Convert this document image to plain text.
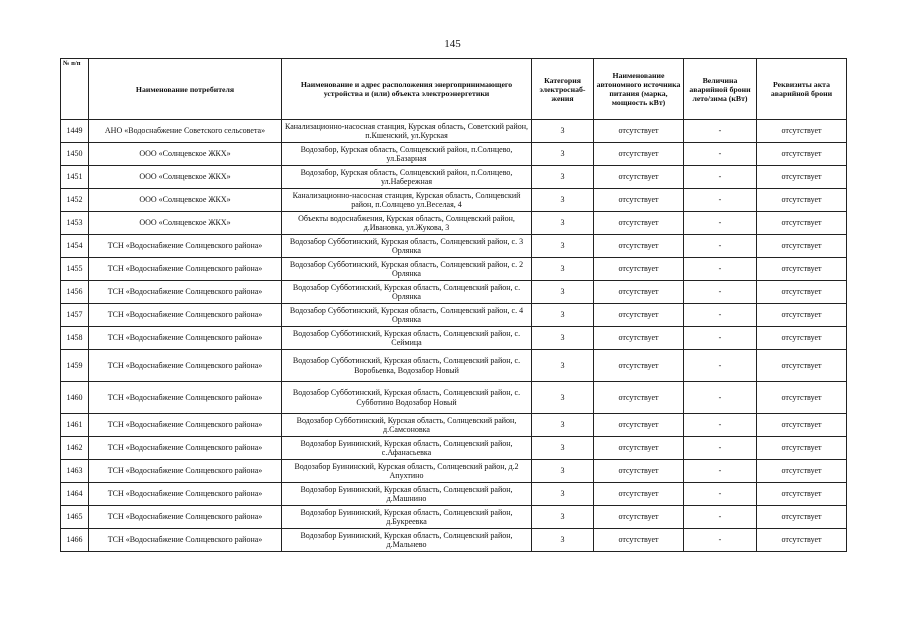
145
№ п/п	Наименование потребителя	Наименование и адрес расположения энергопринимающего устройства и (или) объекта электроэнергетики	Категория электроснаб-жения	Наименование автономного источника питания (марка, мощность кВт)	Величина аварийной брони лето/зима (кВт)	Реквизиты акта аварийной брони
1449	АНО «Водоснабжение Советского сельсовета»	Канализационно-насосная станция, Курская область, Советский район, п.Кшенский, ул.Курская	3	отсутствует	-	отсутствует
1450	ООО «Солнцевское ЖКХ»	Водозабор, Курская область, Солнцевский район, п.Солнцево, ул.Базарная	3	отсутствует	-	отсутствует
1451	ООО «Солнцевское ЖКХ»	Водозабор, Курская область, Солнцевский район, п.Солнцево, ул.Набережная	3	отсутствует	-	отсутствует
1452	ООО «Солнцевское ЖКХ»	Канализационно-насосная станция, Курская область, Солнцевский район, п.Солнцево ул.Веселая, 4	3	отсутствует	-	отсутствует
1453	ООО «Солнцевское ЖКХ»	Объекты водоснабжения, Курская область, Солнцевский район, д.Ивановка, ул.Жукова, 3	3	отсутствует	-	отсутствует
1454	ТСН «Водоснабжение Солнцевского района»	Водозабор Субботинский, Курская область, Солнцевский район, с. 3 Орлянка	3	отсутствует	-	отсутствует
1455	ТСН «Водоснабжение Солнцевского района»	Водозабор Субботинский, Курская область, Солнцевский район, с. 2 Орлянка	3	отсутствует	-	отсутствует
1456	ТСН «Водоснабжение Солнцевского района»	Водозабор Субботинский, Курская область, Солнцевский район, с. Орлянка	3	отсутствует	-	отсутствует
1457	ТСН «Водоснабжение Солнцевского района»	Водозабор Субботинский, Курская область, Солнцевский район, с. 4 Орлянка	3	отсутствует	-	отсутствует
1458	ТСН «Водоснабжение Солнцевского района»	Водозабор Субботинский, Курская область, Солнцевский район, с. Сеймица	3	отсутствует	-	отсутствует
1459	ТСН «Водоснабжение Солнцевского района»	Водозабор Субботинский, Курская область, Солнцевский район, с. Воробьевка, Водозабор Новый	3	отсутствует	-	отсутствует
1460	ТСН «Водоснабжение Солнцевского района»	Водозабор Субботинский, Курская область, Солнцевский район, с. Субботино Водозабор Новый	3	отсутствует	-	отсутствует
1461	ТСН «Водоснабжение Солнцевского района»	Водозабор Субботинский, Курская область, Солнцевский район, д.Самсоновка	3	отсутствует	-	отсутствует
1462	ТСН «Водоснабжение Солнцевского района»	Водозабор Буининский, Курская область, Солнцевский район, с.Афанасьевка	3	отсутствует	-	отсутствует
1463	ТСН «Водоснабжение Солнцевского района»	Водозабор Буининский, Курская область, Солнцевский район, д.2 Апухтино	3	отсутствует	-	отсутствует
1464	ТСН «Водоснабжение Солнцевского района»	Водозабор Буининский, Курская область, Солнцевский район, д.Машнино	3	отсутствует	-	отсутствует
1465	ТСН «Водоснабжение Солнцевского района»	Водозабор Буининский, Курская область, Солнцевский район, д.Букреевка	3	отсутствует	-	отсутствует
1466	ТСН «Водоснабжение Солнцевского района»	Водозабор Буининский, Курская область, Солнцевский район, д.Мальнево	3	отсутствует	-	отсутствует
